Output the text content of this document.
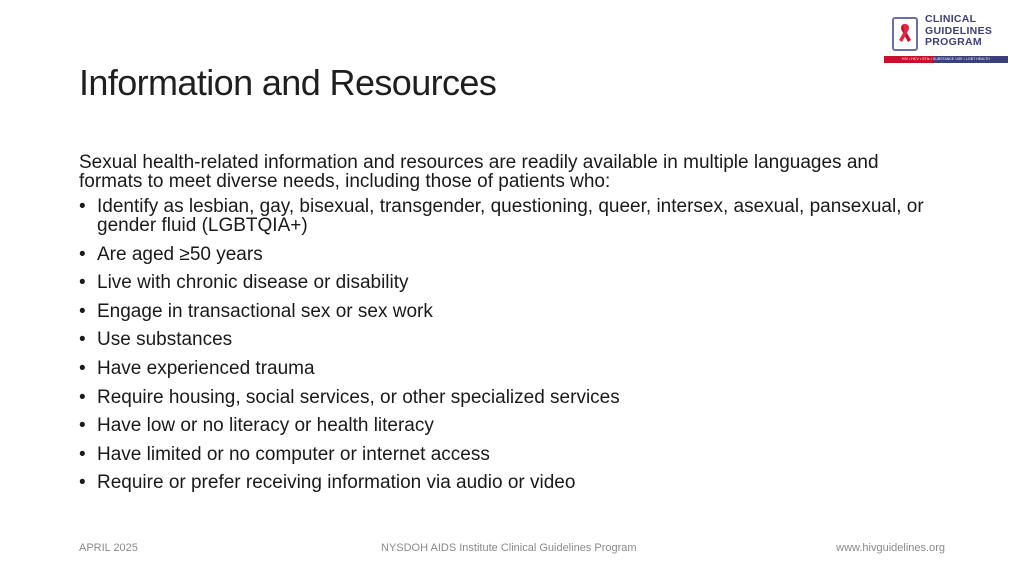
Information and Resources
CLINICAL
GUIDELINES
PROGRAM
HIV • HCV • STIs • SUBSTANCE USE • LGBT HEALTH

Sexual health-related information and resources are readily available in multiple languages and formats to meet diverse needs, including those of patients who:

• Identify as lesbian, gay, bisexual, transgender, questioning, queer, intersex, asexual, pansexual, or gender fluid (LGBTQIA+)
• Are aged ≥50 years
• Live with chronic disease or disability
• Engage in transactional sex or sex work
• Use substances
• Have experienced trauma
• Require housing, social services, or other specialized services
• Have low or no literacy or health literacy
• Have limited or no computer or internet access
• Require or prefer receiving information via audio or video
APRIL 2025	NYSDOH AIDS Institute Clinical Guidelines Program	www.hivguidelines.org
